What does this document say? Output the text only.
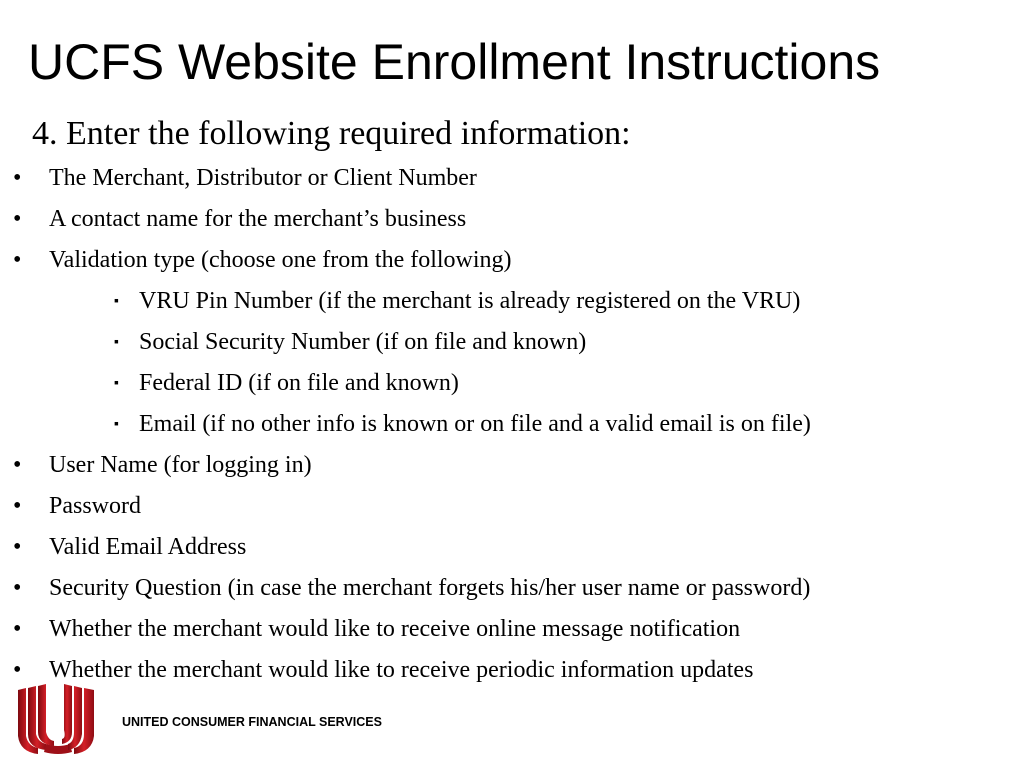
UCFS Website Enrollment Instructions
4. Enter the following required information:
• The Merchant, Distributor or Client Number
• A contact name for the merchant’s business
• Validation type (choose one from the following)
▪ VRU Pin Number (if the merchant is already registered on the VRU)
▪ Social Security Number (if on file and known)
▪ Federal ID (if on file and known)
▪ Email (if no other info is known or on file and a valid email is on file)
• User Name (for logging in)
• Password
• Valid Email Address
• Security Question (in case the merchant forgets his/her user name or password)
• Whether the merchant would like to receive online message notification
• Whether the merchant would like to receive periodic information updates
UNITED CONSUMER FINANCIAL SERVICES
